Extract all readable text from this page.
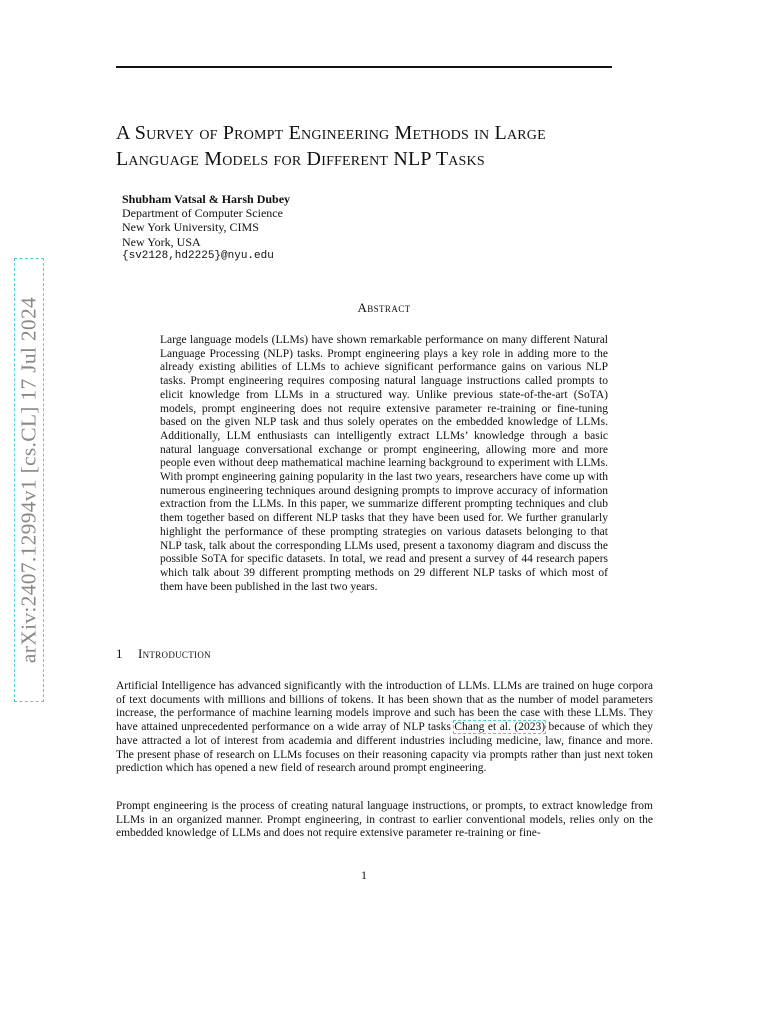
A Survey of Prompt Engineering Methods in Large
Language Models for Different NLP Tasks
Shubham Vatsal & Harsh Dubey
Department of Computer Science
New York University, CIMS
New York, USA
{sv2128,hd2225}@nyu.edu
arXiv:2407.12994v1 [cs.CL] 17 Jul 2024	Abstract

Large language models (LLMs) have shown remarkable performance on many different Natural Language Processing (NLP) tasks. Prompt engineering plays a key role in adding more to the already existing abilities of LLMs to achieve significant performance gains on various NLP tasks. Prompt engineering requires composing natural language instructions called prompts to elicit knowledge from LLMs in a structured way. Unlike previous state-of-the-art (SoTA) models, prompt engineering does not require extensive parameter re-training or fine-tuning based on the given NLP task and thus solely operates on the embedded knowledge of LLMs. Additionally, LLM enthusiasts can intelligently extract LLMs’ knowledge through a basic natural language conversational exchange or prompt engineering, allowing more and more people even without deep mathematical machine learning background to experiment with LLMs. With prompt engineering gaining popularity in the last two years, researchers have come up with numerous engineering techniques around designing prompts to improve accuracy of information extraction from the LLMs. In this paper, we summarize different prompting techniques and club them together based on different NLP tasks that they have been used for. We further granularly highlight the performance of these prompting strategies on various datasets belonging to that NLP task, talk about the corresponding LLMs used, present a taxonomy diagram and discuss the possible SoTA for specific datasets. In total, we read and present a survey of 44 research papers which talk about 39 different prompting methods on 29 different NLP tasks of which most of them have been published in the last two years.

1 Introduction

Artificial Intelligence has advanced significantly with the introduction of LLMs. LLMs are trained on huge corpora of text documents with millions and billions of tokens. It has been shown that as the number of model parameters increase, the performance of machine learning models improve and such has been the case with these LLMs. They have attained unprecedented performance on a wide array of NLP tasks Chang et al. (2023) because of which they have attracted a lot of interest from academia and different industries including medicine, law, finance and more. The present phase of research on LLMs focuses on their reasoning capacity via prompts rather than just next token prediction which has opened a new field of research around prompt engineering.

Prompt engineering is the process of creating natural language instructions, or prompts, to extract knowledge from LLMs in an organized manner. Prompt engineering, in contrast to earlier conventional models, relies only on the embedded knowledge of LLMs and does not require extensive parameter re-training or fine-

1
